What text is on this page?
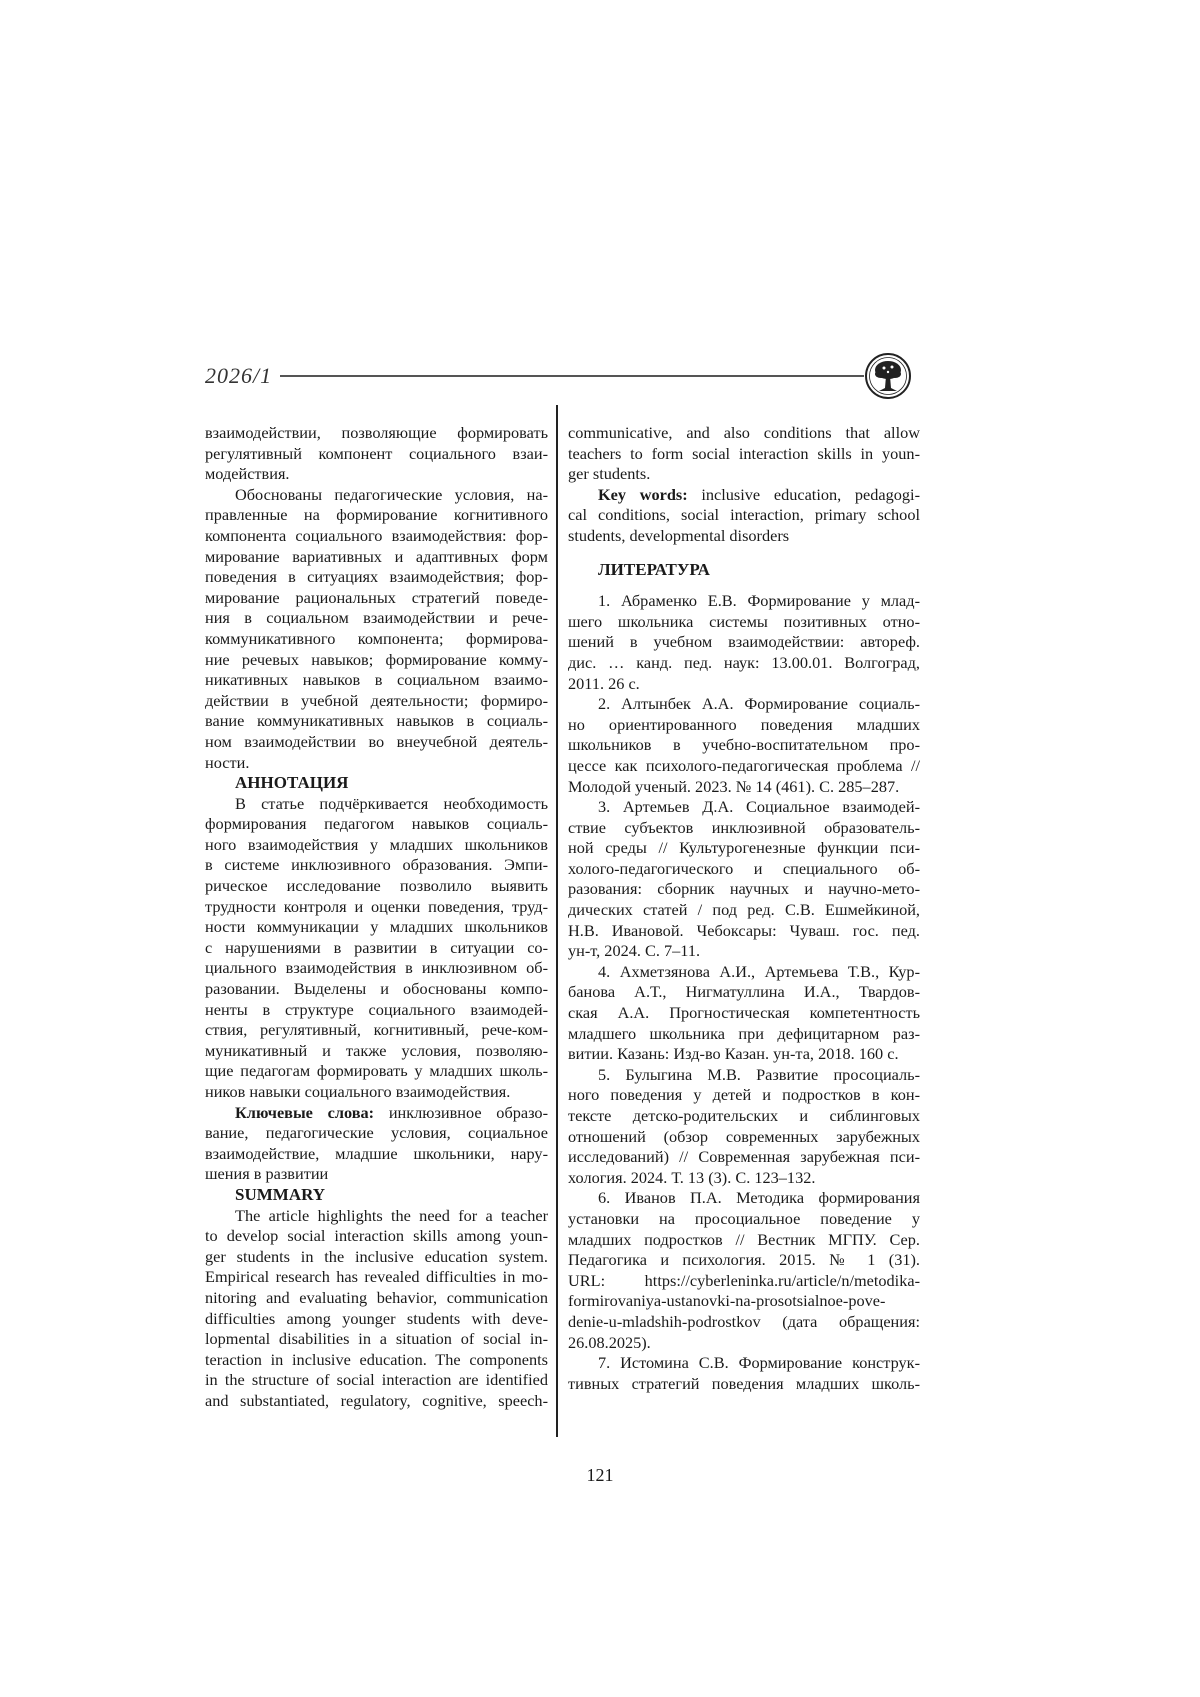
2026/1
взаимодействии, позволяющие формировать
регулятивный компонент социального взаи-
модействия.
Обоснованы педагогические условия, на-
правленные на формирование когнитивного
компонента социального взаимодействия: фор-
мирование вариативных и адаптивных форм
поведения в ситуациях взаимодействия; фор-
мирование рациональных стратегий поведе-
ния в социальном взаимодействии и рече-
коммуникативного компонента; формирова-
ние речевых навыков; формирование комму-
никативных навыков в социальном взаимо-
действии в учебной деятельности; формиро-
вание коммуникативных навыков в социаль-
ном взаимодействии во внеучебной деятель-
ности.
АННОТАЦИЯ
В статье подчёркивается необходимость
формирования педагогом навыков социаль-
ного взаимодействия у младших школьников
в системе инклюзивного образования. Эмпи-
рическое исследование позволило выявить
трудности контроля и оценки поведения, труд-
ности коммуникации у младших школьников
с нарушениями в развитии в ситуации со-
циального взаимодействия в инклюзивном об-
разовании. Выделены и обоснованы компо-
ненты в структуре социального взаимодей-
ствия, регулятивный, когнитивный, рече-ком-
муникативный и также условия, позволяю-
щие педагогам формировать у младших школь-
ников навыки социального взаимодействия.
Ключевые слова: инклюзивное образо-
вание, педагогические условия, социальное
взаимодействие, младшие школьники, нару-
шения в развитии
SUMMARY
The article highlights the need for a teacher
to develop social interaction skills among youn-
ger students in the inclusive education system.
Empirical research has revealed difficulties in mo-
nitoring and evaluating behavior, communication
difficulties among younger students with deve-
lopmental disabilities in a situation of social in-
teraction in inclusive education. The components
in the structure of social interaction are identified
and substantiated, regulatory, cognitive, speech-
communicative, and also conditions that allow
teachers to form social interaction skills in youn-
ger students.
Key words: inclusive education, pedagogi-
cal conditions, social interaction, primary school
students, developmental disorders
ЛИТЕРАТУРА
1. Абраменко Е.В. Формирование у млад-
шего школьника системы позитивных отно-
шений в учебном взаимодействии: автореф.
дис. … канд. пед. наук: 13.00.01. Волгоград,
2011. 26 с.
2. Алтынбек А.А. Формирование социаль-
но ориентированного поведения младших
школьников в учебно-воспитательном про-
цессе как психолого-педагогическая проблема //
Молодой ученый. 2023. № 14 (461). С. 285–287.
3. Артемьев Д.А. Социальное взаимодей-
ствие субъектов инклюзивной образователь-
ной среды // Культурогенезные функции пси-
холого-педагогического и специального об-
разования: сборник научных и научно-мето-
дических статей / под ред. С.В. Ешмейкиной,
Н.В. Ивановой. Чебоксары: Чуваш. гос. пед.
ун-т, 2024. С. 7–11.
4. Ахметзянова А.И., Артемьева Т.В., Кур-
банова А.Т., Нигматуллина И.А., Твардов-
ская А.А. Прогностическая компетентность
младшего школьника при дефицитарном раз-
витии. Казань: Изд-во Казан. ун-та, 2018. 160 с.
5. Булыгина М.В. Развитие просоциаль-
ного поведения у детей и подростков в кон-
тексте детско-родительских и сиблинговых
отношений (обзор современных зарубежных
исследований) // Современная зарубежная пси-
хология. 2024. Т. 13 (3). С. 123–132.
6. Иванов П.А. Методика формирования
установки на просоциальное поведение у
младших подростков // Вестник МГПУ. Сер.
Педагогика и психология. 2015. № 1 (31).
URL: https://cyberleninka.ru/article/n/metodika-
formirovaniya-ustanovki-na-prosotsialnoe-pove-
denie-u-mladshih-podrostkov (дата обращения:
26.08.2025).
7. Истомина С.В. Формирование конструк-
тивных стратегий поведения младших школь-
121
